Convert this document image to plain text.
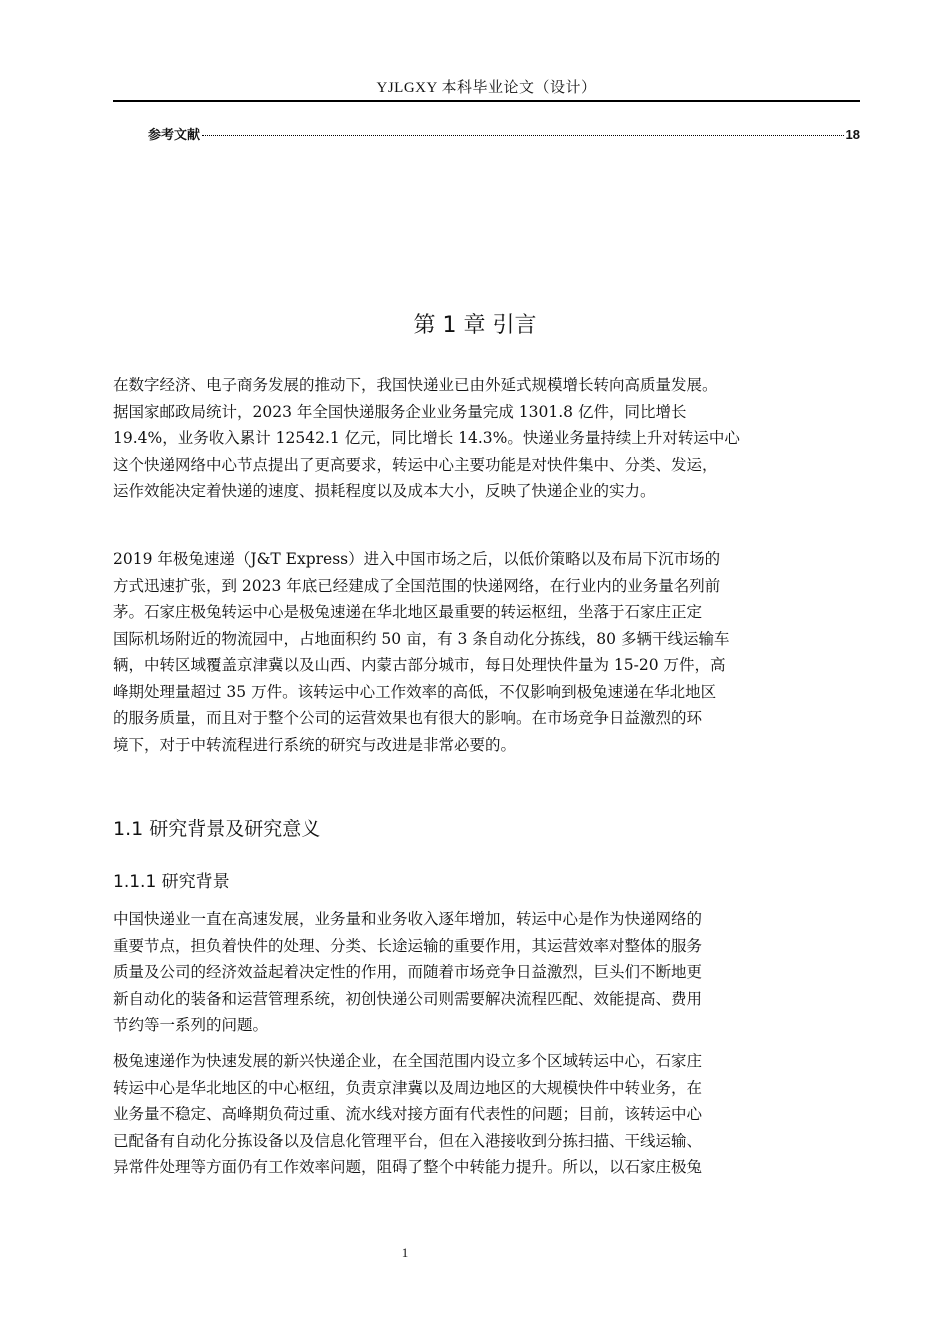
YJLGXY 本科毕业论文（设计）
参考文献	18
第 1 章 引言
在数字经济、电子商务发展的推动下，我国快递业已由外延式规模增长转向高质量发展。
据国家邮政局统计，2023 年全国快递服务企业业务量完成 1301.8 亿件，同比增长
19.4%，业务收入累计 12542.1 亿元，同比增长 14.3%。快递业务量持续上升对转运中心
这个快递网络中心节点提出了更高要求，转运中心主要功能是对快件集中、分类、发运，
运作效能决定着快递的速度、损耗程度以及成本大小，反映了快递企业的实力。
2019 年极兔速递（J&T Express）进入中国市场之后，以低价策略以及布局下沉市场的
方式迅速扩张，到 2023 年底已经建成了全国范围的快递网络，在行业内的业务量名列前
茅。石家庄极兔转运中心是极兔速递在华北地区最重要的转运枢纽，坐落于石家庄正定
国际机场附近的物流园中，占地面积约 50 亩，有 3 条自动化分拣线，80 多辆干线运输车
辆，中转区域覆盖京津冀以及山西、内蒙古部分城市，每日处理快件量为 15-20 万件，高
峰期处理量超过 35 万件。该转运中心工作效率的高低，不仅影响到极兔速递在华北地区
的服务质量，而且对于整个公司的运营效果也有很大的影响。在市场竞争日益激烈的环
境下，对于中转流程进行系统的研究与改进是非常必要的。
1.1 研究背景及研究意义
1.1.1 研究背景
中国快递业一直在高速发展，业务量和业务收入逐年增加，转运中心是作为快递网络的
重要节点，担负着快件的处理、分类、长途运输的重要作用，其运营效率对整体的服务
质量及公司的经济效益起着决定性的作用，而随着市场竞争日益激烈，巨头们不断地更
新自动化的装备和运营管理系统，初创快递公司则需要解决流程匹配、效能提高、费用
节约等一系列的问题。
极兔速递作为快速发展的新兴快递企业，在全国范围内设立多个区域转运中心，石家庄
转运中心是华北地区的中心枢纽，负责京津冀以及周边地区的大规模快件中转业务，在
业务量不稳定、高峰期负荷过重、流水线对接方面有代表性的问题；目前，该转运中心
已配备有自动化分拣设备以及信息化管理平台，但在入港接收到分拣扫描、干线运输、
异常件处理等方面仍有工作效率问题，阻碍了整个中转能力提升。所以，以石家庄极兔
1
